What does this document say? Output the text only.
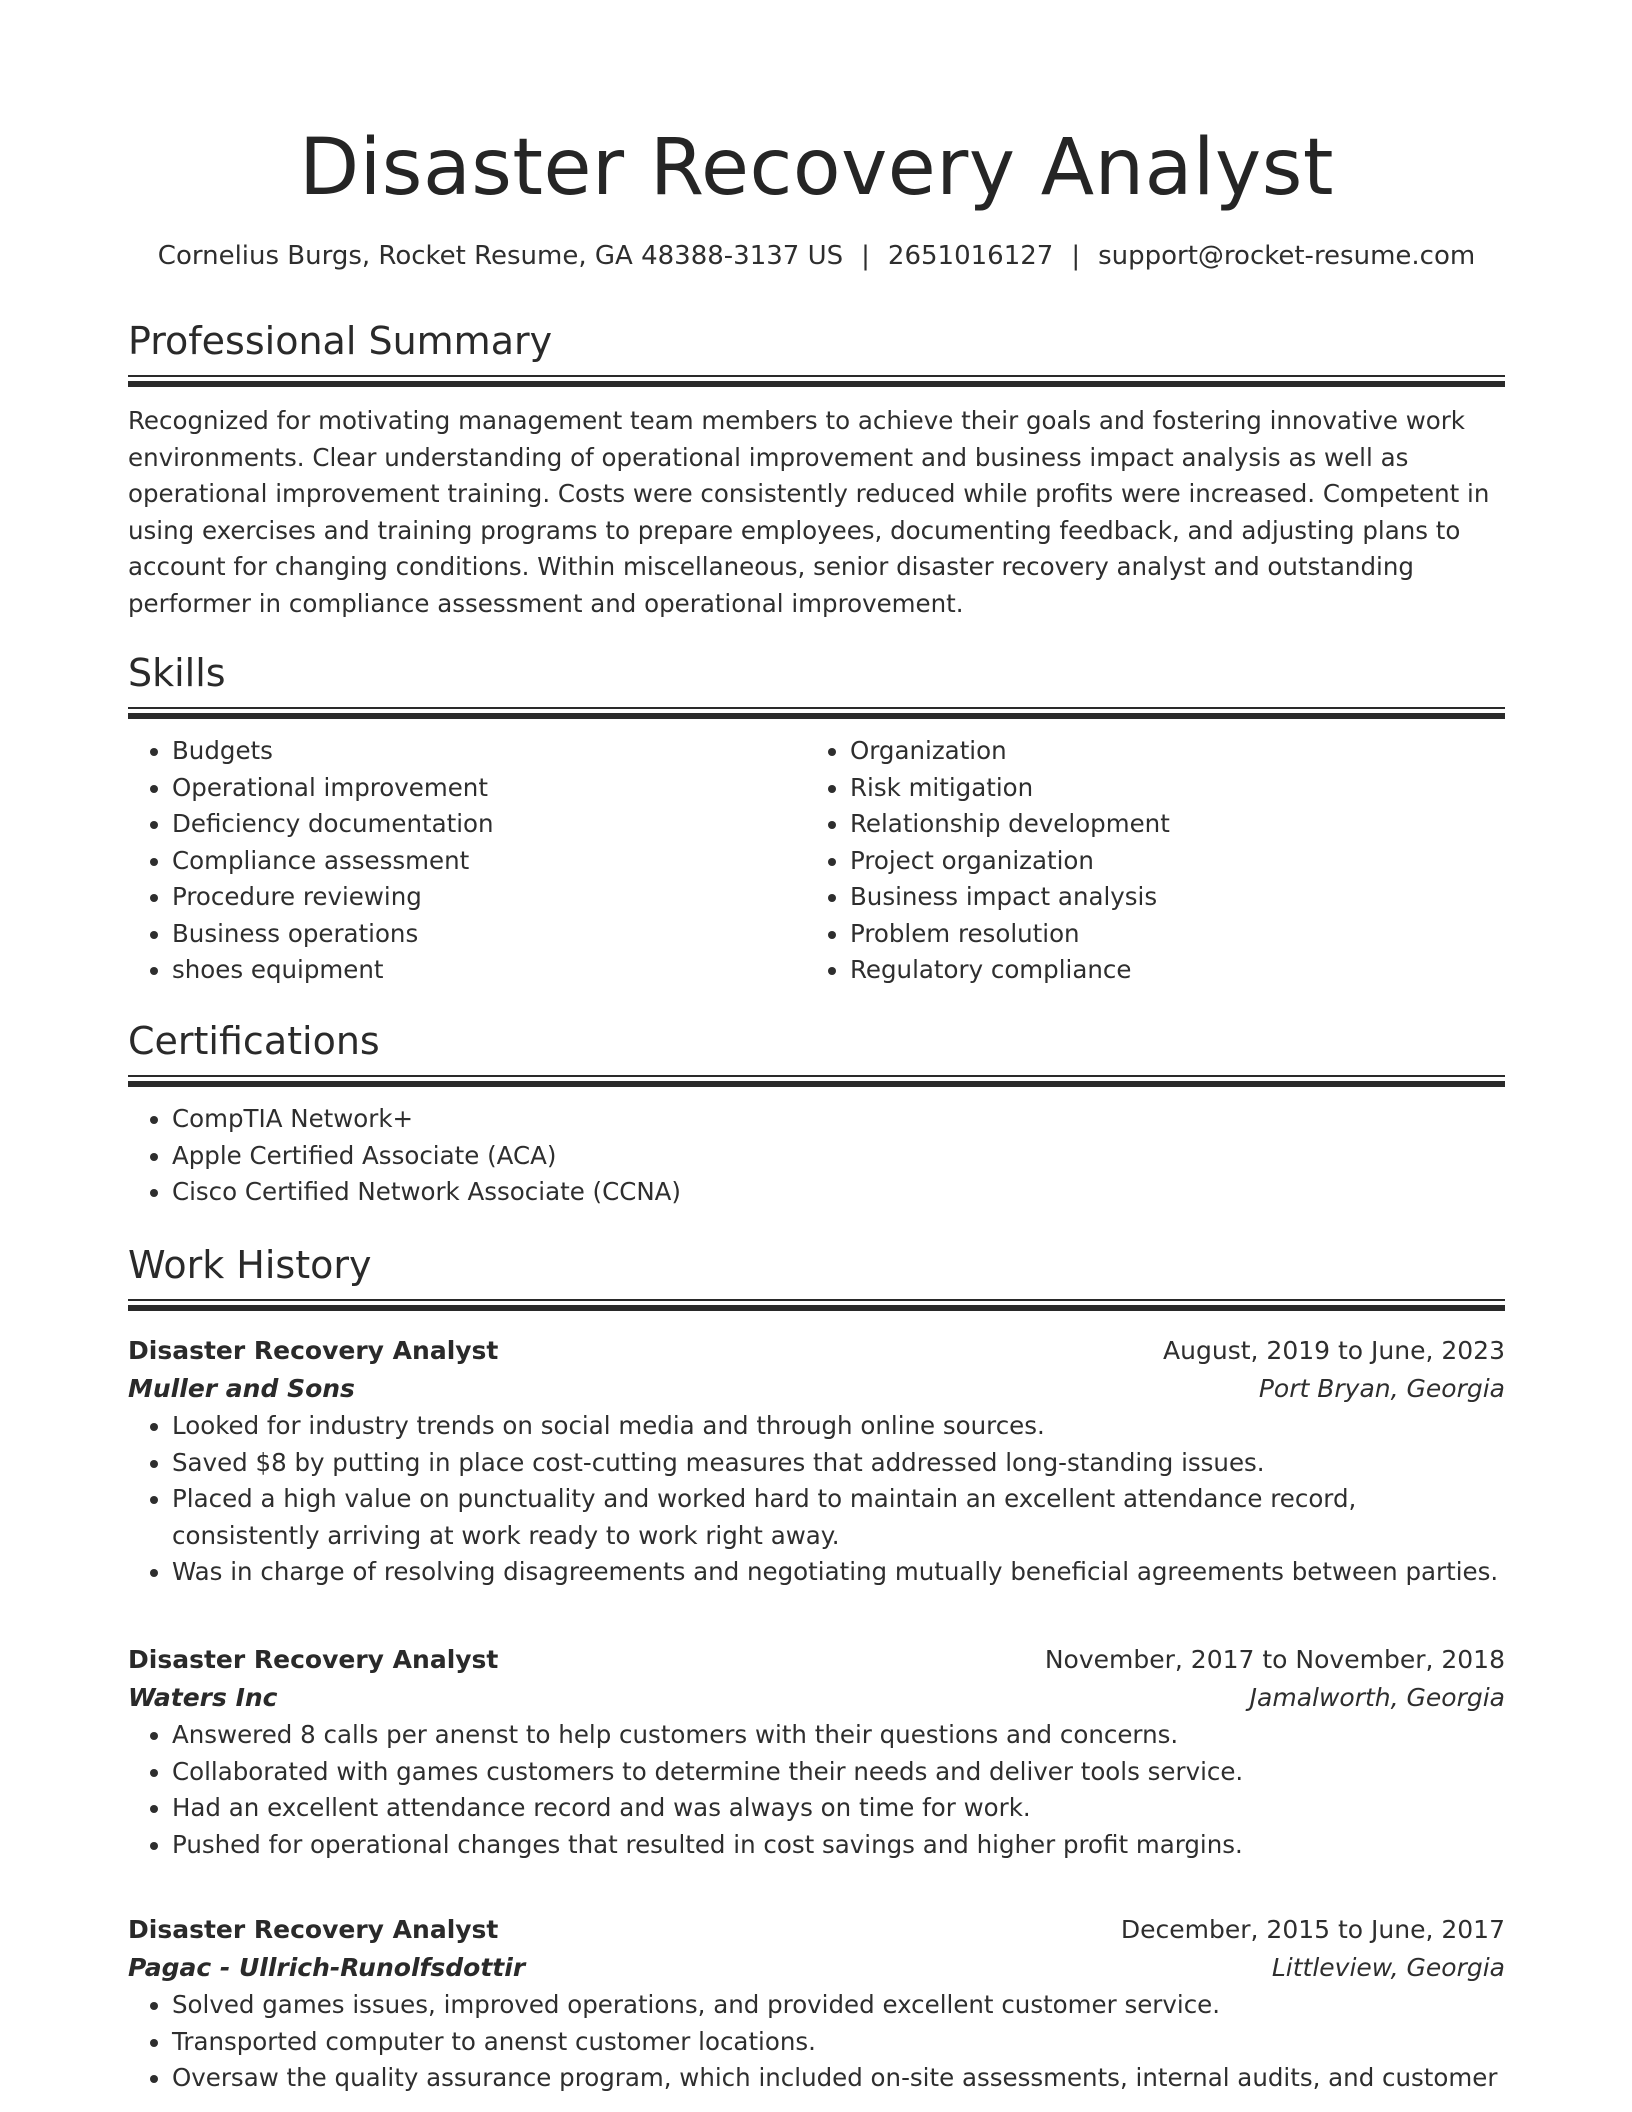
Disaster Recovery Analyst
Cornelius Burgs, Rocket Resume, GA 48388-3137 US | 2651016127 | support@rocket-resume.com
Professional Summary

Recognized for motivating management team members to achieve their goals and fostering innovative work environments. Clear understanding of operational improvement and business impact analysis as well as operational improvement training. Costs were consistently reduced while profits were increased. Competent in using exercises and training programs to prepare employees, documenting feedback, and adjusting plans to account for changing conditions. Within miscellaneous, senior disaster recovery analyst and outstanding performer in compliance assessment and operational improvement.

Skills
• Budgets
• Operational improvement
• Deficiency documentation
• Compliance assessment
• Procedure reviewing
• Business operations
• shoes equipment
• Organization
• Risk mitigation
• Relationship development
• Project organization
• Business impact analysis
• Problem resolution
• Regulatory compliance
Certifications
• CompTIA Network+
• Apple Certified Associate (ACA)
• Cisco Certified Network Associate (CCNA)
Work History
Disaster Recovery Analyst	August, 2019 to June, 2023
Muller and Sons	Port Bryan, Georgia
• Looked for industry trends on social media and through online sources.
• Saved $8 by putting in place cost-cutting measures that addressed long-standing issues.
• Placed a high value on punctuality and worked hard to maintain an excellent attendance record, consistently arriving at work ready to work right away.
• Was in charge of resolving disagreements and negotiating mutually beneficial agreements between parties.
Disaster Recovery Analyst	November, 2017 to November, 2018
Waters Inc	Jamalworth, Georgia
• Answered 8 calls per anenst to help customers with their questions and concerns.
• Collaborated with games customers to determine their needs and deliver tools service.
• Had an excellent attendance record and was always on time for work.
• Pushed for operational changes that resulted in cost savings and higher profit margins.
Disaster Recovery Analyst	December, 2015 to June, 2017
Pagac - Ullrich-Runolfsdottir	Littleview, Georgia
• Solved games issues, improved operations, and provided excellent customer service.
• Transported computer to anenst customer locations.
• Oversaw the quality assurance program, which included on-site assessments, internal audits, and customer
